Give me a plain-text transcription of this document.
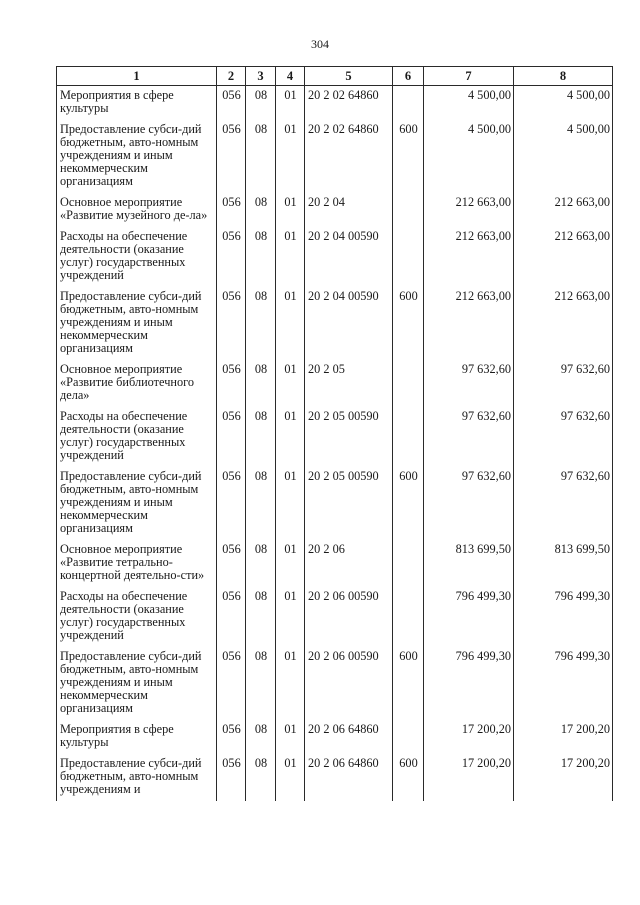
304
1	2	3	4	5	6	7	8
Мероприятия в сфере культуры	056	08	01	20 2 02 64860		4 500,00	4 500,00
Предоставление субси-дий бюджетным, авто-номным учреждениям и иным некоммерческим организациям	056	08	01	20 2 02 64860	600	4 500,00	4 500,00
Основное мероприятие «Развитие музейного де-ла»	056	08	01	20 2 04		212 663,00	212 663,00
Расходы на обеспечение деятельности (оказание услуг) государственных учреждений	056	08	01	20 2 04 00590		212 663,00	212 663,00
Предоставление субси-дий бюджетным, авто-номным учреждениям и иным некоммерческим организациям	056	08	01	20 2 04 00590	600	212 663,00	212 663,00
Основное мероприятие «Развитие библиотечного дела»	056	08	01	20 2 05		97 632,60	97 632,60
Расходы на обеспечение деятельности (оказание услуг) государственных учреждений	056	08	01	20 2 05 00590		97 632,60	97 632,60
Предоставление субси-дий бюджетным, авто-номным учреждениям и иным некоммерческим организациям	056	08	01	20 2 05 00590	600	97 632,60	97 632,60
Основное мероприятие «Развитие тетрально-концертной деятельно-сти»	056	08	01	20 2 06		813 699,50	813 699,50
Расходы на обеспечение деятельности (оказание услуг) государственных учреждений	056	08	01	20 2 06 00590		796 499,30	796 499,30
Предоставление субси-дий бюджетным, авто-номным учреждениям и иным некоммерческим организациям	056	08	01	20 2 06 00590	600	796 499,30	796 499,30
Мероприятия в сфере культуры	056	08	01	20 2 06 64860		17 200,20	17 200,20
Предоставление субси-дий бюджетным, авто-номным учреждениям и	056	08	01	20 2 06 64860	600	17 200,20	17 200,20
